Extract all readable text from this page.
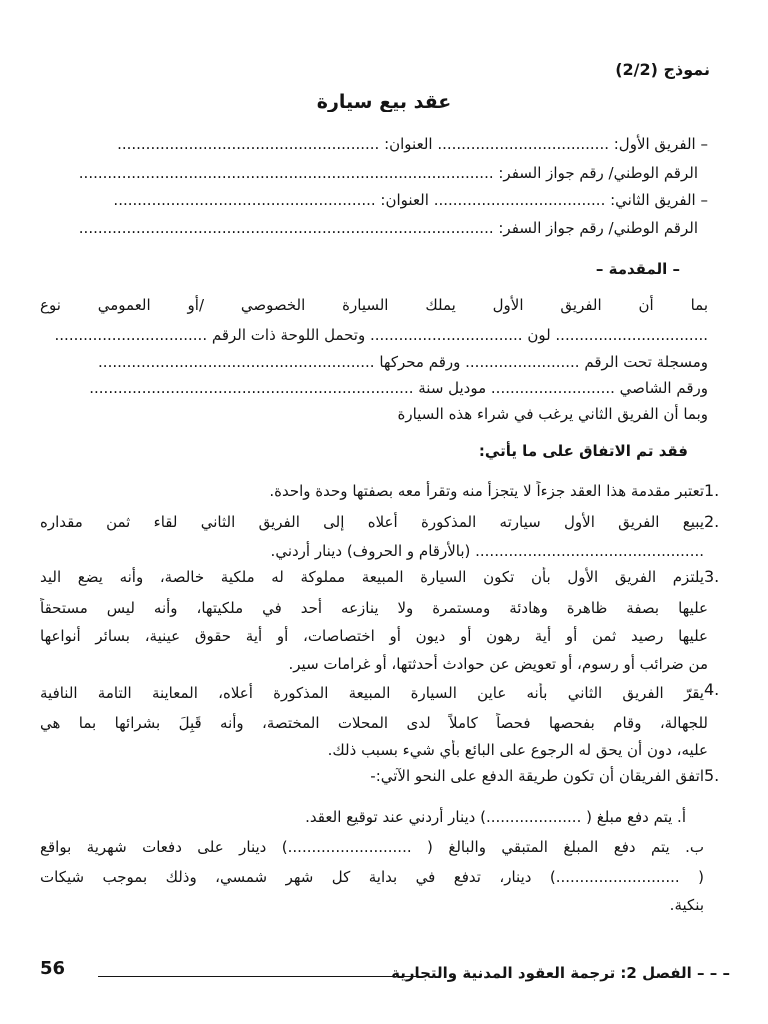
نموذج (2/2)
عقد بيع سيارة
– الفريق الأول: .................................... العنوان: .......................................................
الرقم الوطني/ رقم جواز السفر: .......................................................................................
– الفريق الثاني: .................................... العنوان: .......................................................
الرقم الوطني/ رقم جواز السفر: .......................................................................................
– المقدمة –
بما أن الفريق الأول يملك السيارة الخصوصي /أو العمومي نوع
................................ لون ................................ وتحمل اللوحة ذات الرقم ................................
ومسجلة تحت الرقم ........................ ورقم محركها ..........................................................
ورقم الشاصي .......................... موديل سنة ....................................................................
وبما أن الفريق الثاني يرغب في شراء هذه السيارة
فقد تم الاتفاق على ما يأتي:
1.
تعتبر مقدمة هذا العقد جزءاً لا يتجزأ منه وتقرأ معه بصفتها وحدة واحدة.
2.
يبيع الفريق الأول سيارته المذكورة أعلاه إلى الفريق الثاني لقاء ثمن مقداره
................................................ (بالأرقام و الحروف) دينار أردني.
3.
يلتزم الفريق الأول بأن تكون السيارة المبيعة مملوكة له ملكية خالصة، وأنه يضع اليد
عليها بصفة ظاهرة وهادئة ومستمرة ولا ينازعه أحد في ملكيتها، وأنه ليس مستحقاً
عليها رصيد ثمن أو أية رهون أو ديون أو اختصاصات، أو أية حقوق عينية، بسائر أنواعها
من ضرائب أو رسوم، أو تعويض عن حوادث أحدثتها، أو غرامات سير.
4.
يقرّ الفريق الثاني بأنه عاين السيارة المبيعة المذكورة أعلاه، المعاينة التامة النافية
للجهالة، وقام بفحصها فحصاً كاملاً لدى المحلات المختصة، وأنه قَبِلَ بشرائها بما هي
عليه، دون أن يحق له الرجوع على البائع بأي شيء بسبب ذلك.
5.
اتفق الفريقان أن تكون طريقة الدفع على النحو الآتي:-
أ. يتم دفع مبلغ ( ....................) دينار أردني عند توقيع العقد.
ب. يتم دفع المبلغ المتبقي والبالغ ( ..........................) دينار على دفعات شهرية بواقع
( ..........................) دينار، تدفع في بداية كل شهر شمسي، وذلك بموجب شيكات
بنكية.
– – – الفصل 2: ترجمة العقود المدنية والتجارية
56
